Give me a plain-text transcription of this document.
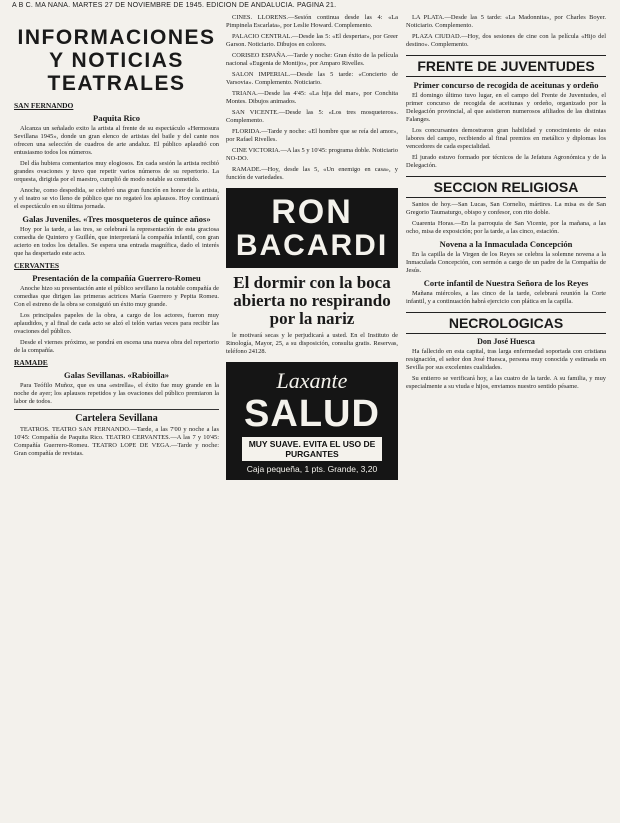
A B C. MA ÑANA. MARTES 27 DE NOVIEMBRE DE 1945. EDICION DE ANDALUCIA. PAGINA 21.
INFORMACIONES Y NOTICIAS TEATRALES
SAN FERNANDO
Paquita Rico

Alcanza un señalado exito la artista al frente de su espectáculo «Hermosura Sevillana 1945», donde un gran elenco de artistas del baile y del cante nos ofrecen una selección de cuadros de arte andaluz. El público aplaudió con entusiasmo todos los números.

Del día hubiera comentarios muy elogiosos. En cada sesión la artista recibió grandes ovaciones y tuvo que repetir varios números de su repertorio. La orquesta, dirigida por el maestro, cumplió de modo notable su cometido.

Anoche, como despedida, se celebró una gran función en honor de la artista, y el teatro se vio lleno de público que no regateó los aplausos. Hoy continuará el espectáculo en su última jornada.

Galas Juveniles. «Tres mosqueteros de quince años»

Hoy por la tarde, a las tres, se celebrará la representación de esta graciosa comedia de Quintero y Guillén, que interpretará la compañía infantil, con gran acierto en todos los detalles. Se espera una entrada magnífica, dado el interés que ha despertado este acto.

CERVANTES
Presentación de la compañía Guerrero-Romeu

Anoche hizo su presentación ante el público sevillano la notable compañía de comedias que dirigen las primeras actrices María Guerrero y Pepita Romeu. Con el estreno de la obra se consiguió un éxito muy grande.

Los principales papeles de la obra, a cargo de los actores, fueron muy aplaudidos, y al final de cada acto se alzó el telón varias veces para recibir las ovaciones del público.

Desde el viernes próximo, se pondrá en escena una nueva obra del repertorio de la compañía.

RAMADE
Galas Sevillanas. «Rabioilla»

Para Teófilo Muñoz, que es una «estrella», el éxito fue muy grande en la noche de ayer; los aplausos repetidos y las ovaciones del público premiaron la labor de todos.

Cartelera Sevillana

TEATROS. TEATRO SAN FERNANDO.—Tarde, a las 7'00 y noche a las 10'45: Compañía de Paquita Rico. TEATRO CERVANTES.—A las 7 y 10'45: Compañía Guerrero-Romeu. TEATRO LOPE DE VEGA.—Tarde y noche: Gran compañía de revistas.

CINES. LLORENS.—Sesión continua desde las 4: «La Pimpinela Escarlata», por Leslie Howard. Complemento.

PALACIO CENTRAL.—Desde las 5: «El despertar», por Greer Garson. Noticiario. Dibujos en colores.

CORISEO ESPAÑA.—Tarde y noche: Gran éxito de la película nacional «Eugenia de Montijo», por Amparo Rivelles.

SALON IMPERIAL.—Desde las 5 tarde: «Concierto de Varsovia». Complemento. Noticiario.

TRIANA.—Desde las 4'45: «La hija del mar», por Conchita Montes. Dibujos animados.

SAN VICENTE.—Desde las 5: «Los tres mosqueteros». Complemento.

FLORIDA.—Tarde y noche: «El hombre que se reía del amor», por Rafael Rivelles.

CINE VICTORIA.—A las 5 y 10'45: programa doble. Noticiario NO-DO.

RAMADE.—Hoy, desde las 5, «Un enemigo en casa», y función de variedades.

RON
BACARDI
El dormir con la boca abierta no respirando por la nariz

le motivará secas y le perjudicará a usted. En el Instituto de Rinología, Mayor, 25, a su disposición, consulta gratis. Reservas, teléfono 24128.

Laxante
SALUD
MUY SUAVE. EVITA EL USO DE PURGANTES
Caja pequeña, 1 pts. Grande, 3,20

LA PLATA.—Desde las 5 tarde: «La Madonnita», por Charles Boyer. Noticiario. Complemento.

PLAZA CIUDAD.—Hoy, dos sesiones de cine con la película «Hijo del destino». Complemento.

FRENTE DE JUVENTUDES
Primer concurso de recogida de aceitunas y ordeño

El domingo último tuvo lugar, en el campo del Frente de Juventudes, el primer concurso de recogida de aceitunas y ordeño, organizado por la Delegación provincial, al que asistieron numerosos afiliados de las distintas Falanges.

Los concursantes demostraron gran habilidad y conocimiento de estas labores del campo, recibiendo al final premios en metálico y diplomas los vencedores de cada especialidad.

El jurado estuvo formado por técnicos de la Jefatura Agronómica y de la Delegación.

SECCION RELIGIOSA

Santos de hoy.—San Lucas, San Cornelio, mártires. La misa es de San Gregorio Taumaturgo, obispo y confesor, con rito doble.

Cuarenta Horas.—En la parroquia de San Vicente, por la mañana, a las ocho, misa de exposición; por la tarde, a las cinco, estación.

Novena a la Inmaculada Concepción

En la capilla de la Virgen de los Reyes se celebra la solemne novena a la Inmaculada Concepción, con sermón a cargo de un padre de la Compañía de Jesús.

Corte infantil de Nuestra Señora de los Reyes

Mañana miércoles, a las cinco de la tarde, celebrará reunión la Corte infantil, y a continuación habrá ejercicio con plática en la capilla.

NECROLOGICAS
Don José Huesca

Ha fallecido en esta capital, tras larga enfermedad soportada con cristiana resignación, el señor don José Huesca, persona muy conocida y estimada en Sevilla por sus excelentes cualidades.

Su entierro se verificará hoy, a las cuatro de la tarde. A su familia, y muy especialmente a su viuda e hijos, enviamos nuestro sentido pésame.
